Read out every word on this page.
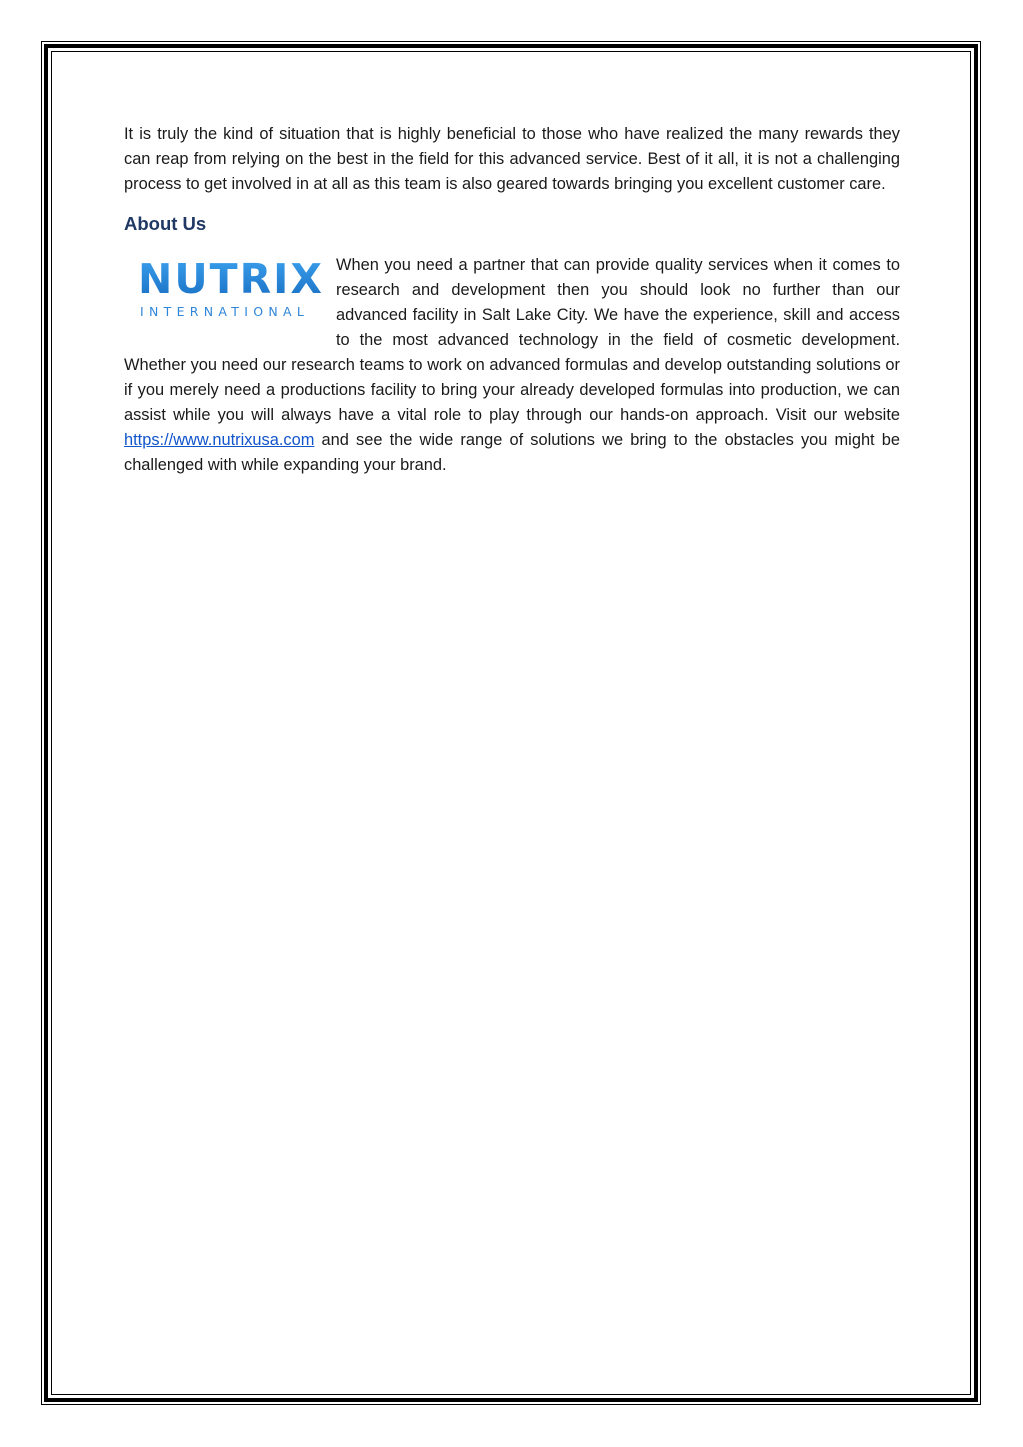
It is truly the kind of situation that is highly beneficial to those who have realized the many rewards they can reap from relying on the best in the field for this advanced service. Best of it all, it is not a challenging process to get involved in at all as this team is also geared towards bringing you excellent customer care.

About Us
NUTRIX
INTERNATIONAL

When you need a partner that can provide quality services when it comes to research and development then you should look no further than our advanced facility in Salt Lake City. We have the experience, skill and access to the most advanced technology in the field of cosmetic development. Whether you need our research teams to work on advanced formulas and develop outstanding solutions or if you merely need a productions facility to bring your already developed formulas into production, we can assist while you will always have a vital role to play through our hands-on approach. Visit our website https://www.nutrixusa.com and see the wide range of solutions we bring to the obstacles you might be challenged with while expanding your brand.
